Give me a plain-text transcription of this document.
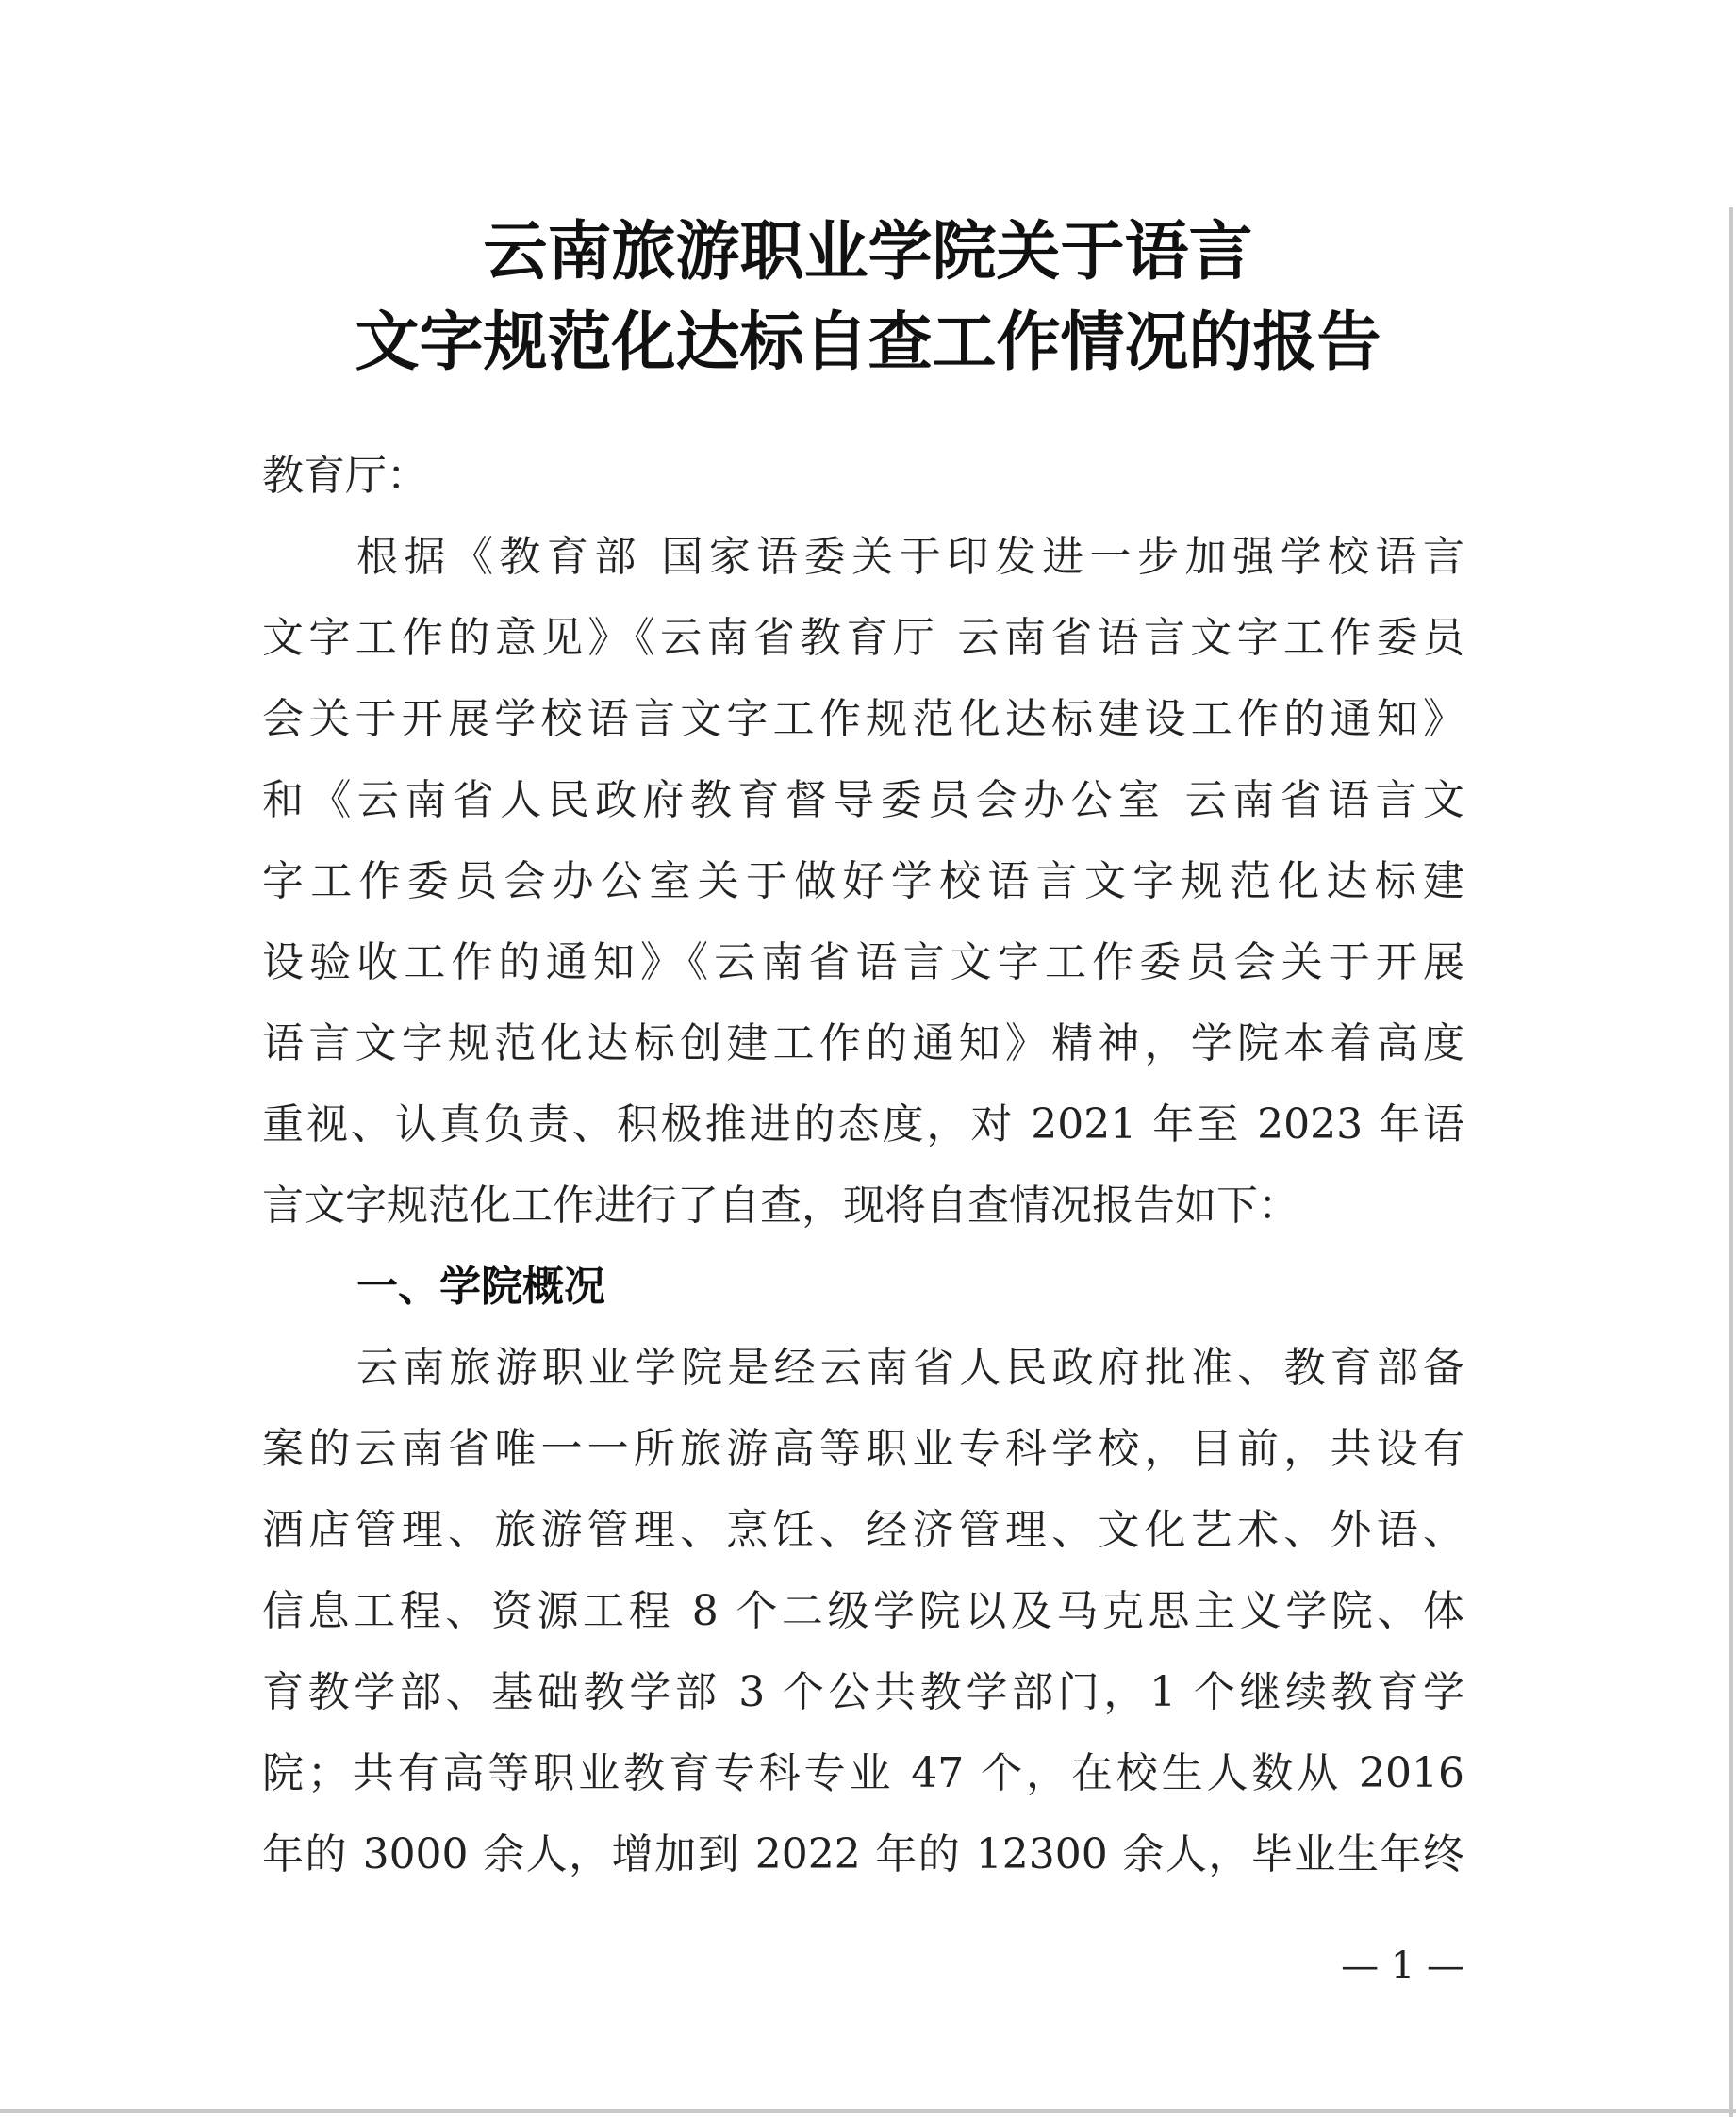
云南旅游职业学院关于语言
文字规范化达标自查工作情况的报告
教育厅：
根据《教育部 国家语委关于印发进一步加强学校语言
文字工作的意见》《云南省教育厅 云南省语言文字工作委员
会关于开展学校语言文字工作规范化达标建设工作的通知》
和《云南省人民政府教育督导委员会办公室 云南省语言文
字工作委员会办公室关于做好学校语言文字规范化达标建
设验收工作的通知》《云南省语言文字工作委员会关于开展
语言文字规范化达标创建工作的通知》精神，学院本着高度
重视、认真负责、积极推进的态度，对 2021 年至 2023 年语
言文字规范化工作进行了自查，现将自查情况报告如下：
一、学院概况
云南旅游职业学院是经云南省人民政府批准、教育部备
案的云南省唯一一所旅游高等职业专科学校，目前，共设有
酒店管理、旅游管理、烹饪、经济管理、文化艺术、外语、
信息工程、资源工程 8 个二级学院以及马克思主义学院、体
育教学部、基础教学部 3 个公共教学部门，1 个继续教育学
院；共有高等职业教育专科专业 47 个，在校生人数从 2016
年的 3000 余人，增加到 2022 年的 12300 余人，毕业生年终
— 1 —
